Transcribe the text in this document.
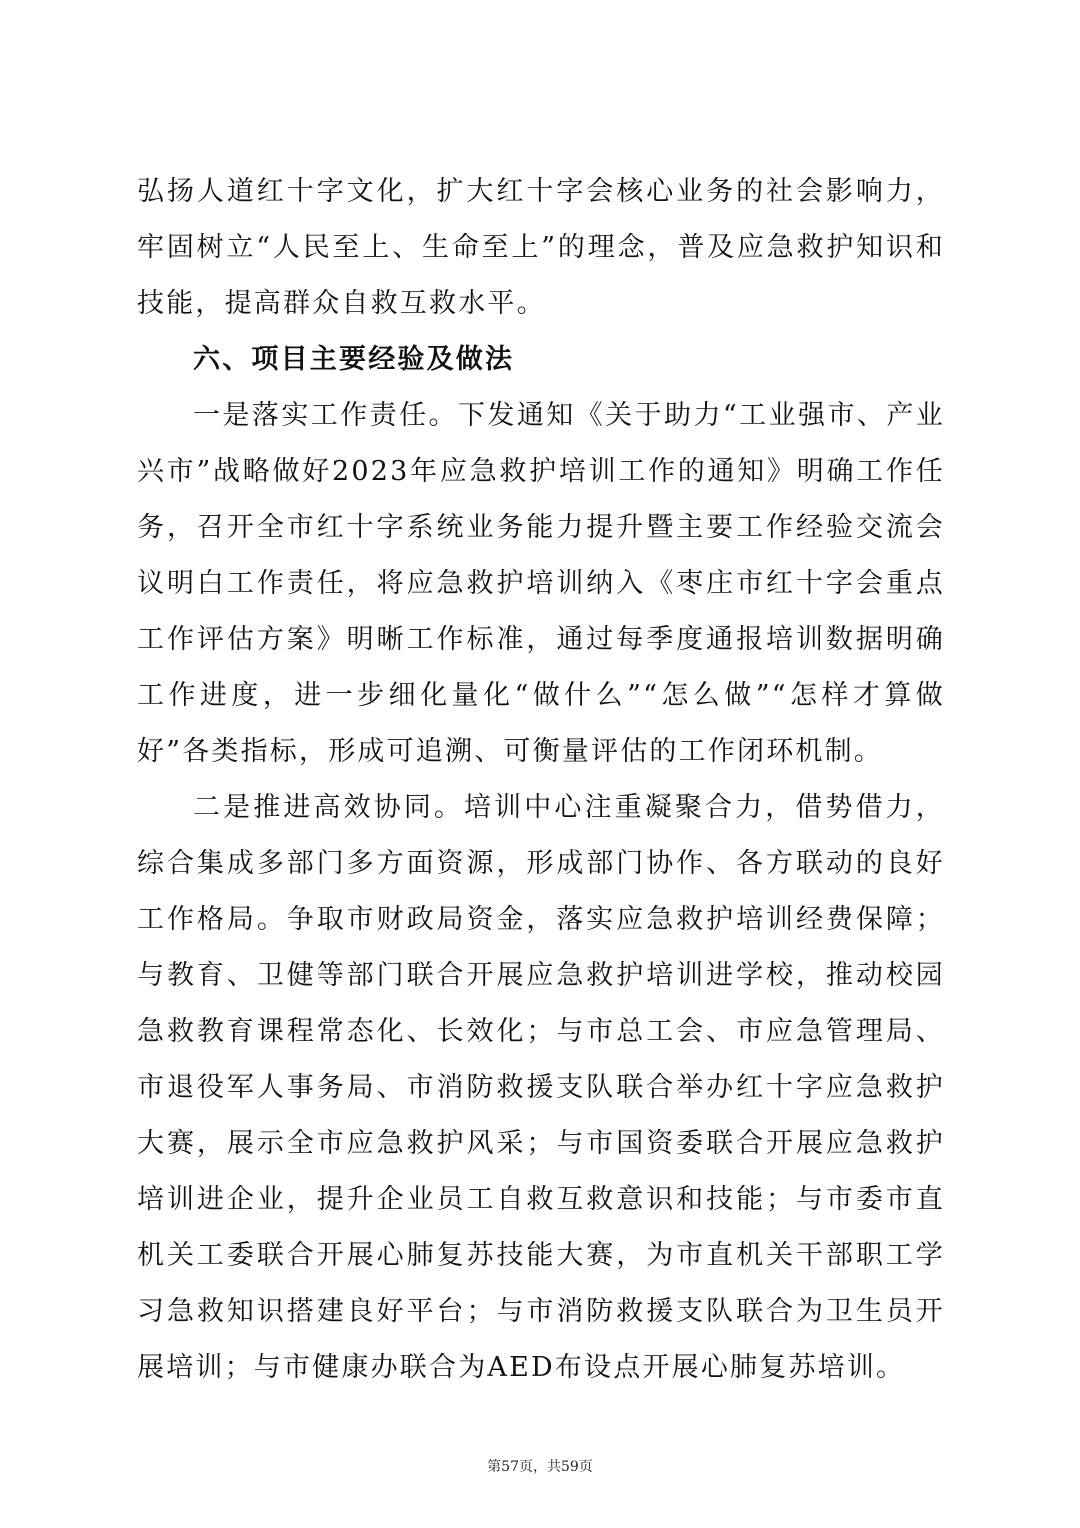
弘扬人道红十字文化，扩大红十字会核心业务的社会影响力，牢固树立“人民至上、生命至上”的理念，普及应急救护知识和技能，提高群众自救互救水平。

六、项目主要经验及做法

一是落实工作责任。下发通知《关于助力“工业强市、产业兴市”战略做好2023年应急救护培训工作的通知》明确工作任务，召开全市红十字系统业务能力提升暨主要工作经验交流会议明白工作责任，将应急救护培训纳入《枣庄市红十字会重点工作评估方案》明晰工作标准，通过每季度通报培训数据明确工作进度，进一步细化量化“做什么”“怎么做”“怎样才算做好”各类指标，形成可追溯、可衡量评估的工作闭环机制。

二是推进高效协同。培训中心注重凝聚合力，借势借力，综合集成多部门多方面资源，形成部门协作、各方联动的良好工作格局。争取市财政局资金，落实应急救护培训经费保障；与教育、卫健等部门联合开展应急救护培训进学校，推动校园急救教育课程常态化、长效化；与市总工会、市应急管理局、市退役军人事务局、市消防救援支队联合举办红十字应急救护大赛，展示全市应急救护风采；与市国资委联合开展应急救护培训进企业，提升企业员工自救互救意识和技能；与市委市直机关工委联合开展心肺复苏技能大赛，为市直机关干部职工学习急救知识搭建良好平台；与市消防救援支队联合为卫生员开展培训；与市健康办联合为AED布设点开展心肺复苏培训。

第57页，共59页
